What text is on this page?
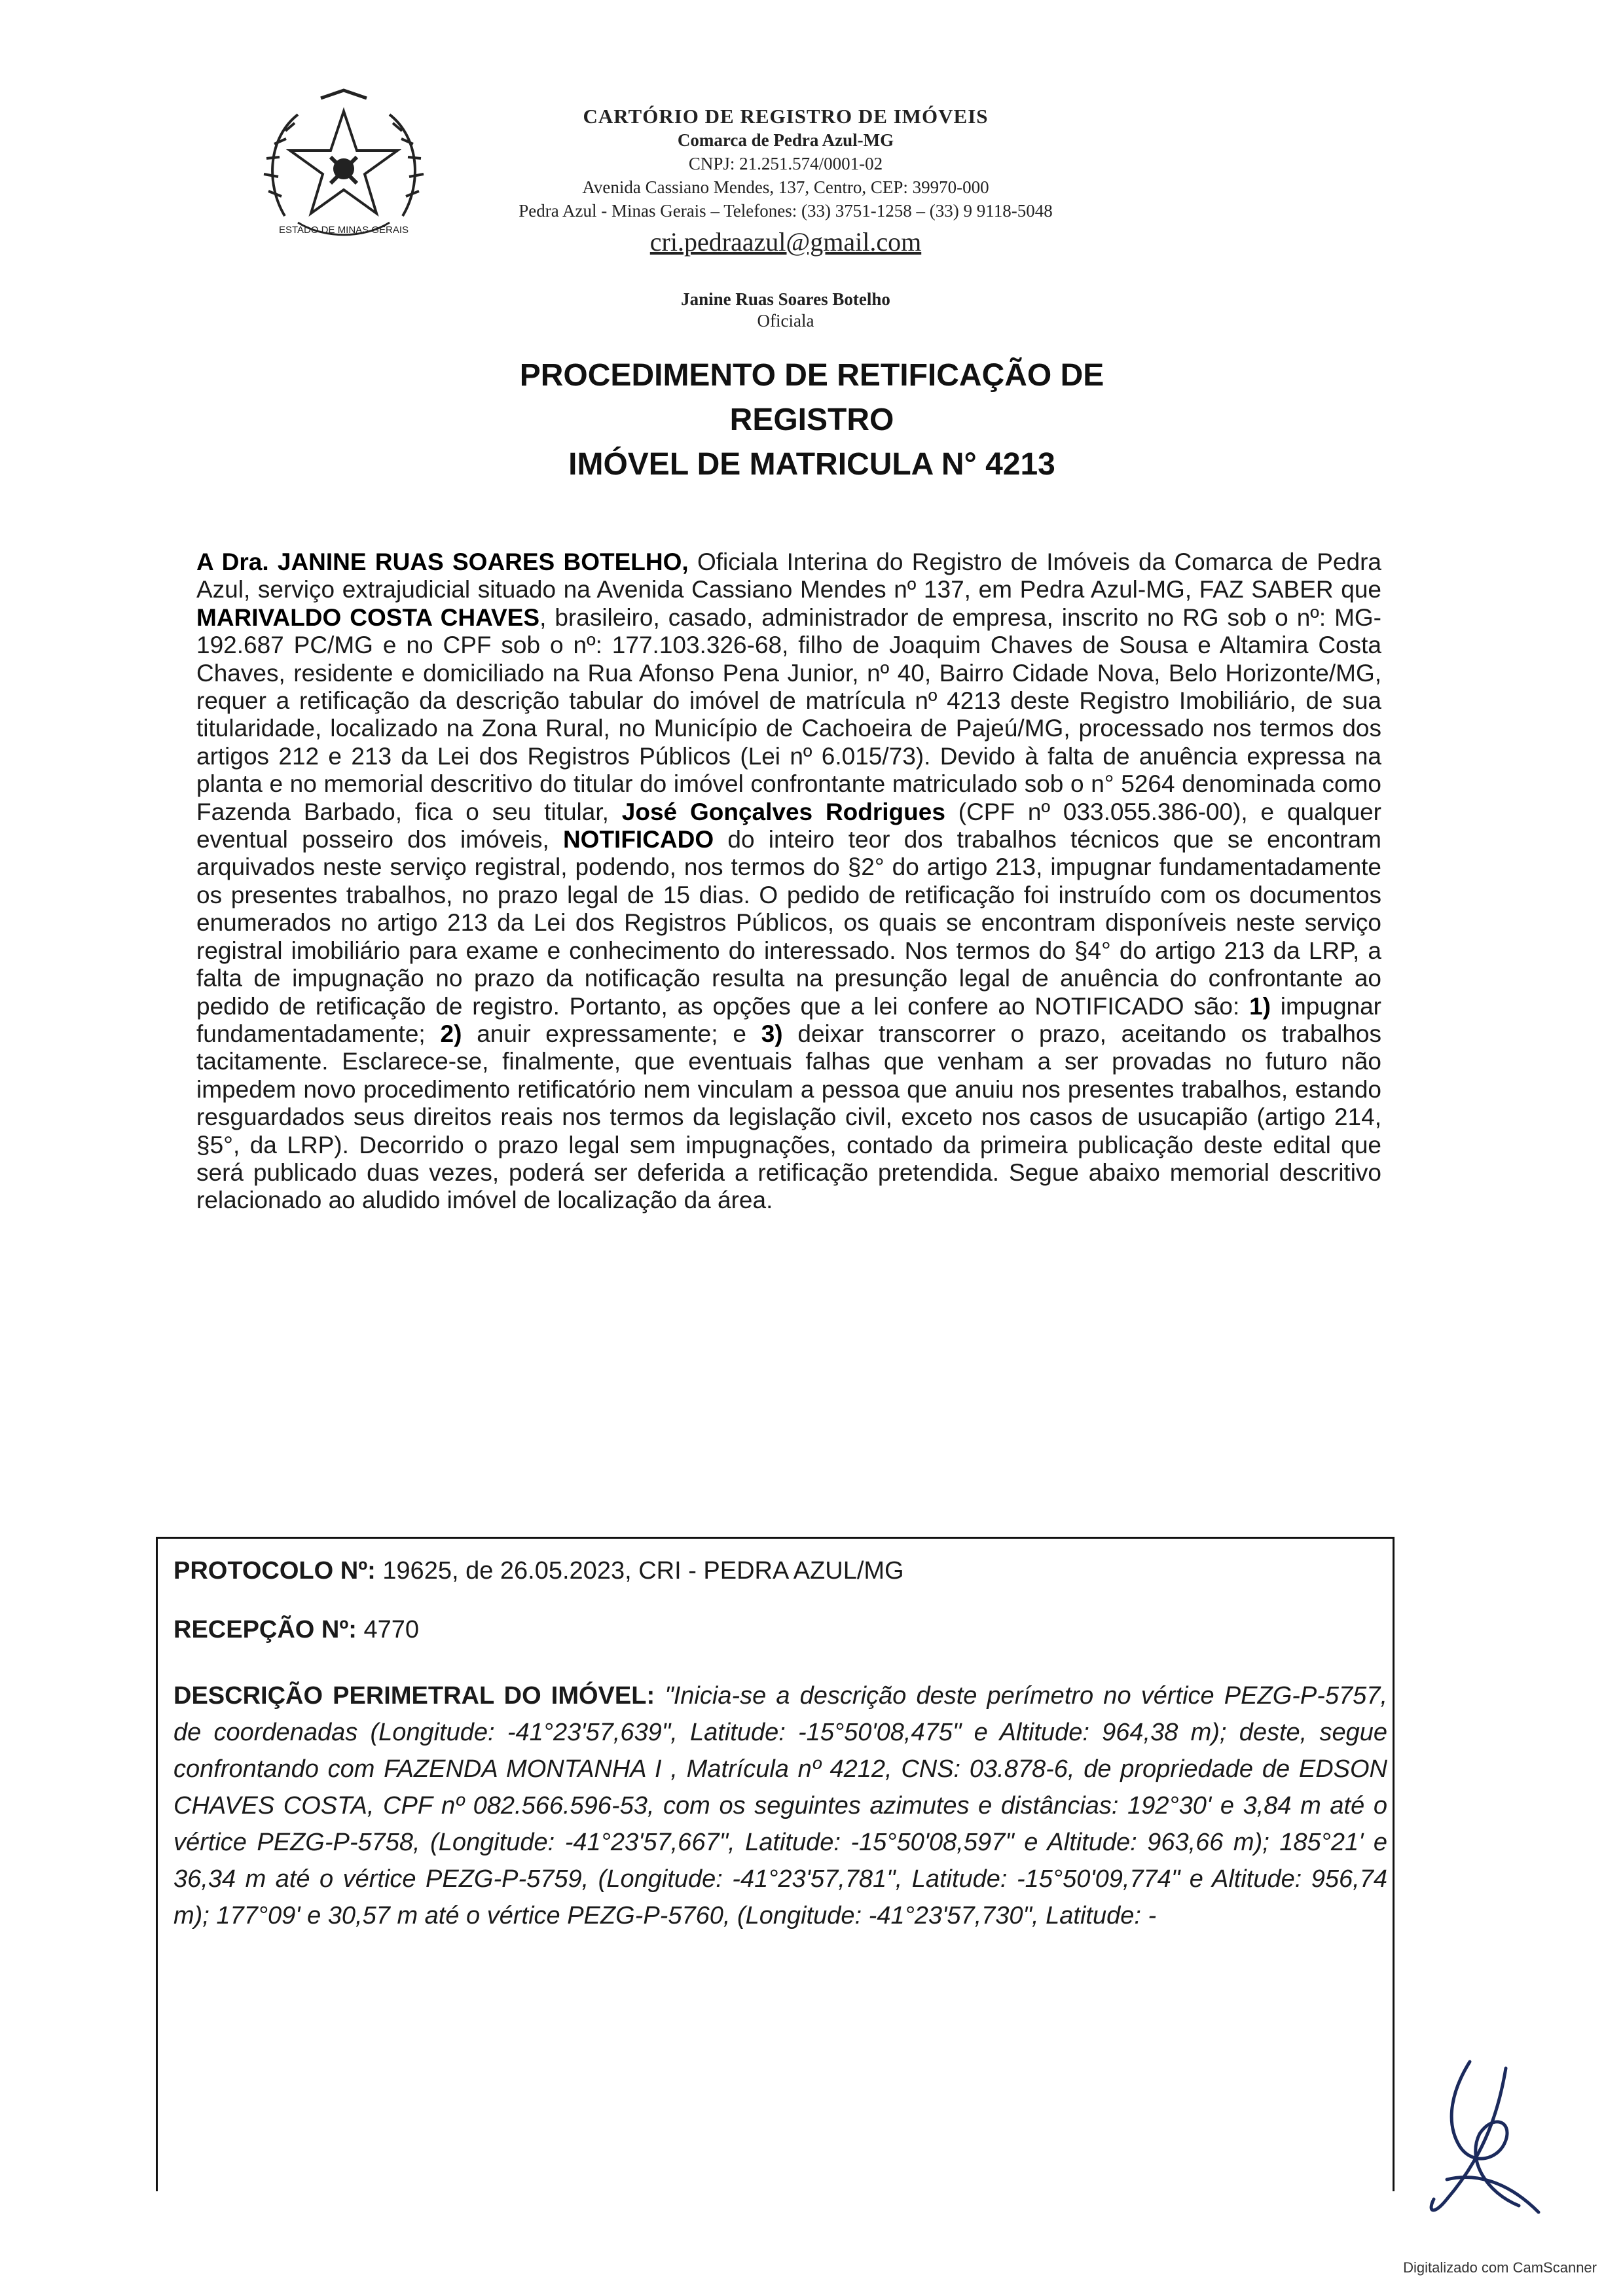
ESTADO DE MINAS GERAIS
CARTÓRIO DE REGISTRO DE IMÓVEIS
Comarca de Pedra Azul-MG
CNPJ: 21.251.574/0001-02
Avenida Cassiano Mendes, 137, Centro, CEP: 39970-000
Pedra Azul - Minas Gerais – Telefones: (33) 3751-1258 – (33) 9 9118-5048
cri.pedraazul@gmail.com
Janine Ruas Soares Botelho
Oficiala
PROCEDIMENTO DE RETIFICAÇÃO DE
REGISTRO
IMÓVEL DE MATRICULA N° 4213
A Dra. JANINE RUAS SOARES BOTELHO, Oficiala Interina do Registro de Imóveis da Comarca de Pedra Azul, serviço extrajudicial situado na Avenida Cassiano Mendes nº 137, em Pedra Azul-MG, FAZ SABER que MARIVALDO COSTA CHAVES, brasileiro, casado, administrador de empresa, inscrito no RG sob o nº: MG-192.687 PC/MG e no CPF sob o nº: 177.103.326-68, filho de Joaquim Chaves de Sousa e Altamira Costa Chaves, residente e domiciliado na Rua Afonso Pena Junior, nº 40, Bairro Cidade Nova, Belo Horizonte/MG, requer a retificação da descrição tabular do imóvel de matrícula nº 4213 deste Registro Imobiliário, de sua titularidade, localizado na Zona Rural, no Município de Cachoeira de Pajeú/MG, processado nos termos dos artigos 212 e 213 da Lei dos Registros Públicos (Lei nº 6.015/73). Devido à falta de anuência expressa na planta e no memorial descritivo do titular do imóvel confrontante matriculado sob o n° 5264 denominada como Fazenda Barbado, fica o seu titular, José Gonçalves Rodrigues (CPF nº 033.055.386-00), e qualquer eventual posseiro dos imóveis, NOTIFICADO do inteiro teor dos trabalhos técnicos que se encontram arquivados neste serviço registral, podendo, nos termos do §2° do artigo 213, impugnar fundamentadamente os presentes trabalhos, no prazo legal de 15 dias. O pedido de retificação foi instruído com os documentos enumerados no artigo 213 da Lei dos Registros Públicos, os quais se encontram disponíveis neste serviço registral imobiliário para exame e conhecimento do interessado. Nos termos do §4° do artigo 213 da LRP, a falta de impugnação no prazo da notificação resulta na presunção legal de anuência do confrontante ao pedido de retificação de registro. Portanto, as opções que a lei confere ao NOTIFICADO são: 1) impugnar fundamentadamente; 2) anuir expressamente; e 3) deixar transcorrer o prazo, aceitando os trabalhos tacitamente. Esclarece-se, finalmente, que eventuais falhas que venham a ser provadas no futuro não impedem novo procedimento retificatório nem vinculam a pessoa que anuiu nos presentes trabalhos, estando resguardados seus direitos reais nos termos da legislação civil, exceto nos casos de usucapião (artigo 214, §5°, da LRP). Decorrido o prazo legal sem impugnações, contado da primeira publicação deste edital que será publicado duas vezes, poderá ser deferida a retificação pretendida. Segue abaixo memorial descritivo relacionado ao aludido imóvel de localização da área.
PROTOCOLO Nº: 19625, de 26.05.2023, CRI - PEDRA AZUL/MG
RECEPÇÃO Nº: 4770
DESCRIÇÃO PERIMETRAL DO IMÓVEL: "Inicia-se a descrição deste perímetro no vértice PEZG-P-5757, de coordenadas (Longitude: -41°23'57,639", Latitude: -15°50'08,475" e Altitude: 964,38 m); deste, segue confrontando com FAZENDA MONTANHA I , Matrícula nº 4212, CNS: 03.878-6, de propriedade de EDSON CHAVES COSTA, CPF nº 082.566.596-53, com os seguintes azimutes e distâncias: 192°30' e 3,84 m até o vértice PEZG-P-5758, (Longitude: -41°23'57,667", Latitude: -15°50'08,597" e Altitude: 963,66 m); 185°21' e 36,34 m até o vértice PEZG-P-5759, (Longitude: -41°23'57,781", Latitude: -15°50'09,774" e Altitude: 956,74 m); 177°09' e 30,57 m até o vértice PEZG-P-5760, (Longitude: -41°23'57,730", Latitude: -
Digitalizado com CamScanner
